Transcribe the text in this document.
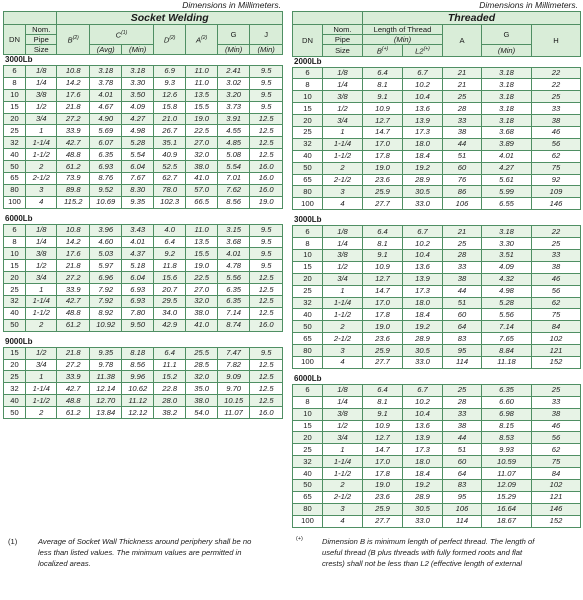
Dimensions in Millimeters.
		Socket Welding						
DN	Nom.	$B^{(2)}$	$C^{(1)}$		$D^{(2)}$	$A^{(2)}$	G	J
	Pipe							
	Size		(Avg)	(Min)			(Min)	(Min)
3000Lb
6	1/8	10.8	3.18	3.18	6.9	11.0	2.41	9.5
8	1/4	14.2	3.78	3.30	9.3	11.0	3.02	9.5
10	3/8	17.6	4.01	3.50	12.6	13.5	3.20	9.5
15	1/2	21.8	4.67	4.09	15.8	15.5	3.73	9.5
20	3/4	27.2	4.90	4.27	21.0	19.0	3.91	12.5
25	1	33.9	5.69	4.98	26.7	22.5	4.55	12.5
32	1-1/4	42.7	6.07	5.28	35.1	27.0	4.85	12.5
40	1-1/2	48.8	6.35	5.54	40.9	32.0	5.08	12.5
50	2	61.2	6.93	6.04	52.5	38.0	5.54	16.0
65	2-1/2	73.9	8.76	7.67	62.7	41.0	7.01	16.0
80	3	89.8	9.52	8.30	78.0	57.0	7.62	16.0
100	4	115.2	10.69	9.35	102.3	66.5	8.56	19.0
6000Lb
6	1/8	10.8	3.96	3.43	4.0	11.0	3.15	9.5
8	1/4	14.2	4.60	4.01	6.4	13.5	3.68	9.5
10	3/8	17.6	5.03	4.37	9.2	15.5	4.01	9.5
15	1/2	21.8	5.97	5.18	11.8	19.0	4.78	9.5
20	3/4	27.2	6.96	6.04	15.6	22.5	5.56	12.5
25	1	33.9	7.92	6.93	20.7	27.0	6.35	12.5
32	1-1/4	42.7	7.92	6.93	29.5	32.0	6.35	12.5
40	1-1/2	48.8	8.92	7.80	34.0	38.0	7.14	12.5
50	2	61.2	10.92	9.50	42.9	41.0	8.74	16.0
9000Lb
15	1/2	21.8	9.35	8.18	6.4	25.5	7.47	9.5
20	3/4	27.2	9.78	8.56	11.1	28.5	7.82	12.5
25	1	33.9	11.38	9.96	15.2	32.0	9.09	12.5
32	1-1/4	42.7	12.14	10.62	22.8	35.0	9.70	12.5
40	1-1/2	48.8	12.70	11.12	28.0	38.0	10.15	12.5
50	2	61.2	13.84	12.12	38.2	54.0	11.07	16.0
Dimensions in Millimeters.
		Threaded				
DN	Nom.	Length of Thread		A	G	H
	Pipe	(Min)				
	Size	B(+)	L2(+)		(Min)	
2000Lb
6	1/8	6.4	6.7	21	3.18	22
8	1/4	8.1	10.2	21	3.18	22
10	3/8	9.1	10.4	25	3.18	25
15	1/2	10.9	13.6	28	3.18	33
20	3/4	12.7	13.9	33	3.18	38
25	1	14.7	17.3	38	3.68	46
32	1-1/4	17.0	18.0	44	3.89	56
40	1-1/2	17.8	18.4	51	4.01	62
50	2	19.0	19.2	60	4.27	75
65	2-1/2	23.6	28.9	76	5.61	92
80	3	25.9	30.5	86	5.99	109
100	4	27.7	33.0	106	6.55	146
3000Lb
6	1/8	6.4	6.7	21	3.18	22
8	1/4	8.1	10.2	25	3.30	25
10	3/8	9.1	10.4	28	3.51	33
15	1/2	10.9	13.6	33	4.09	38
20	3/4	12.7	13.9	38	4.32	46
25	1	14.7	17.3	44	4.98	56
32	1-1/4	17.0	18.0	51	5.28	62
40	1-1/2	17.8	18.4	60	5.56	75
50	2	19.0	19.2	64	7.14	84
65	2-1/2	23.6	28.9	83	7.65	102
80	3	25.9	30.5	95	8.84	121
100	4	27.7	33.0	114	11.18	152
6000Lb
6	1/8	6.4	6.7	25	6.35	25
8	1/4	8.1	10.2	28	6.60	33
10	3/8	9.1	10.4	33	6.98	38
15	1/2	10.9	13.6	38	8.15	46
20	3/4	12.7	13.9	44	8.53	56
25	1	14.7	17.3	51	9.93	62
32	1-1/4	17.0	18.0	60	10.59	75
40	1-1/2	17.8	18.4	64	11.07	84
50	2	19.0	19.2	83	12.09	102
65	2-1/2	23.6	28.9	95	15.29	121
80	3	25.9	30.5	106	16.64	146
100	4	27.7	33.0	114	18.67	152
(1)	Average of Socket Wall Thickness around periphery shall be no
less than listed values. The minimum values are permitted in
localized areas.
(+)	Dimension B is minimum length of perfect thread. The length of
useful thread (B plus threads with fully formed roots and flat
crests) shall not be less than L2 (effective length of external
